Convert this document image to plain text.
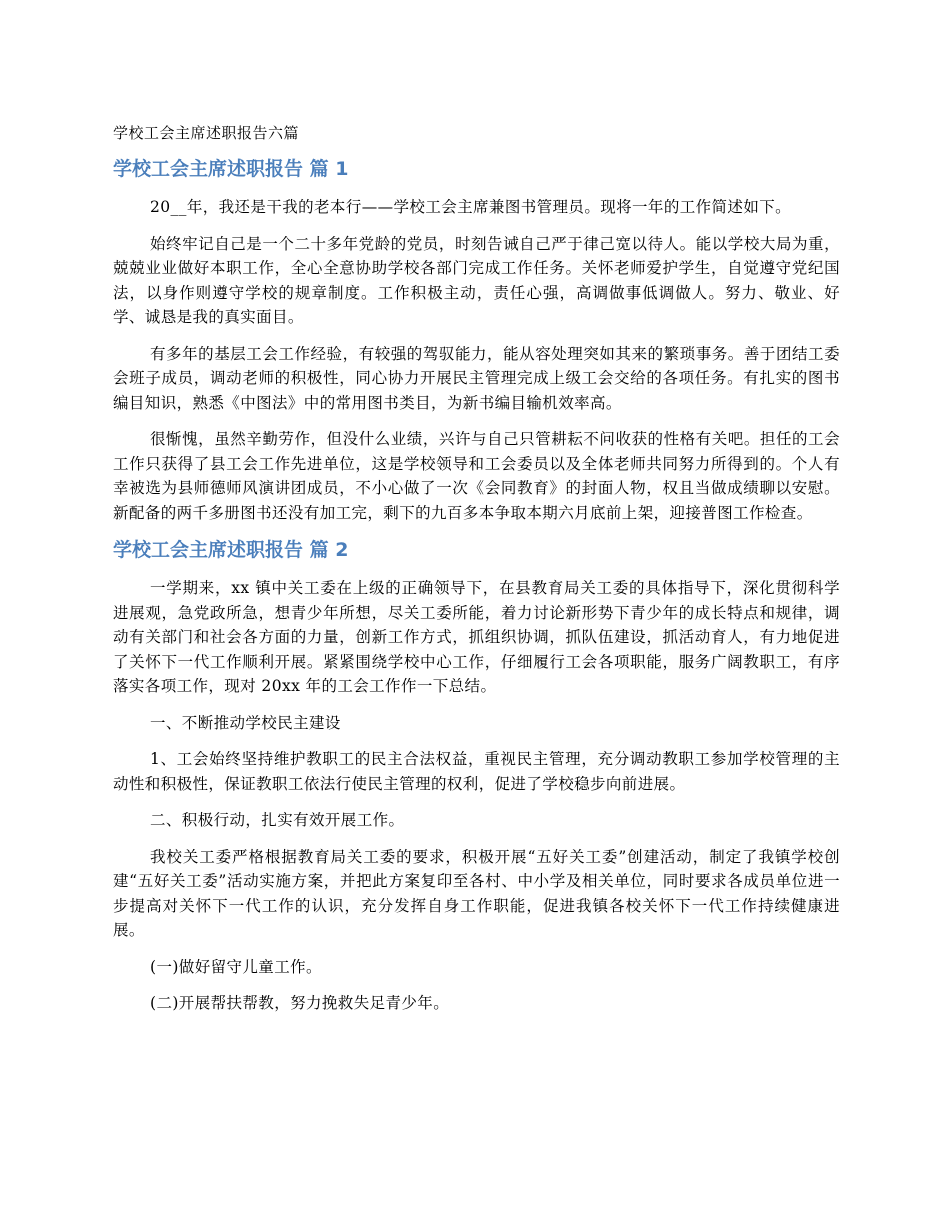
学校工会主席述职报告六篇
学校工会主席述职报告 篇 1

20__年，我还是干我的老本行——学校工会主席兼图书管理员。现将一年的工作简述如下。

始终牢记自己是一个二十多年党龄的党员，时刻告诫自己严于律己宽以待人。能以学校大局为重，兢兢业业做好本职工作，全心全意协助学校各部门完成工作任务。关怀老师爱护学生，自觉遵守党纪国法，以身作则遵守学校的规章制度。工作积极主动，责任心强，高调做事低调做人。努力、敬业、好学、诚恳是我的真实面目。

有多年的基层工会工作经验，有较强的驾驭能力，能从容处理突如其来的繁琐事务。善于团结工委会班子成员，调动老师的积极性，同心协力开展民主管理完成上级工会交给的各项任务。有扎实的图书编目知识，熟悉《中图法》中的常用图书类目，为新书编目输机效率高。

很惭愧，虽然辛勤劳作，但没什么业绩，兴许与自己只管耕耘不问收获的性格有关吧。担任的工会工作只获得了县工会工作先进单位，这是学校领导和工会委员以及全体老师共同努力所得到的。个人有幸被选为县师德师风演讲团成员，不小心做了一次《会同教育》的封面人物，权且当做成绩聊以安慰。新配备的两千多册图书还没有加工完，剩下的九百多本争取本期六月底前上架，迎接普图工作检查。

学校工会主席述职报告 篇 2

一学期来，xx 镇中关工委在上级的正确领导下，在县教育局关工委的具体指导下，深化贯彻科学进展观，急党政所急，想青少年所想，尽关工委所能，着力讨论新形势下青少年的成长特点和规律，调动有关部门和社会各方面的力量，创新工作方式，抓组织协调，抓队伍建设，抓活动育人，有力地促进了关怀下一代工作顺利开展。紧紧围绕学校中心工作，仔细履行工会各项职能，服务广阔教职工，有序落实各项工作，现对 20xx 年的工会工作作一下总结。

一、不断推动学校民主建设

1、工会始终坚持维护教职工的民主合法权益，重视民主管理，充分调动教职工参加学校管理的主动性和积极性，保证教职工依法行使民主管理的权利，促进了学校稳步向前进展。

二、积极行动，扎实有效开展工作。

我校关工委严格根据教育局关工委的要求，积极开展“五好关工委”创建活动，制定了我镇学校创建“五好关工委”活动实施方案，并把此方案复印至各村、中小学及相关单位，同时要求各成员单位进一步提高对关怀下一代工作的认识，充分发挥自身工作职能，促进我镇各校关怀下一代工作持续健康进展。

(一)做好留守儿童工作。

(二)开展帮扶帮教，努力挽救失足青少年。
